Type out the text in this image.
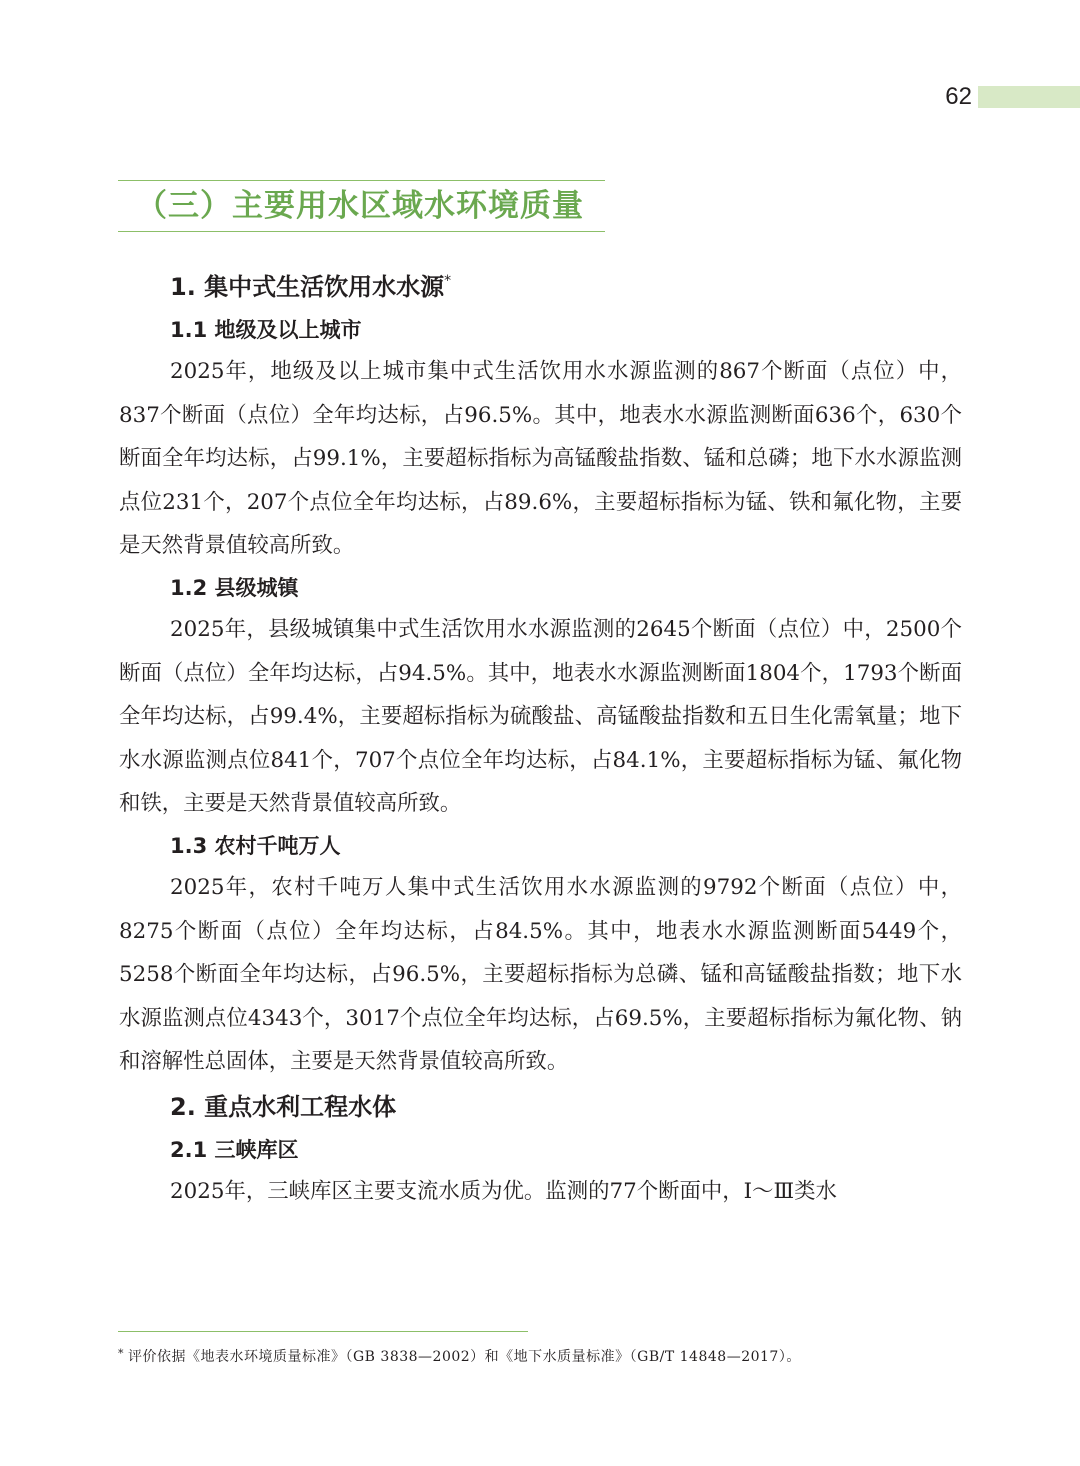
62
（三）主要用水区域水环境质量
1. 集中式生活饮用水水源*
1.1 地级及以上城市

2025年，地级及以上城市集中式生活饮用水水源监测的867个断面（点位）中，837个断面（点位）全年均达标，占96.5%。其中，地表水水源监测断面636个，630个断面全年均达标，占99.1%，主要超标指标为高锰酸盐指数、锰和总磷；地下水水源监测点位231个，207个点位全年均达标，占89.6%，主要超标指标为锰、铁和氟化物，主要是天然背景值较高所致。

1.2 县级城镇

2025年，县级城镇集中式生活饮用水水源监测的2645个断面（点位）中，2500个断面（点位）全年均达标，占94.5%。其中，地表水水源监测断面1804个，1793个断面全年均达标，占99.4%，主要超标指标为硫酸盐、高锰酸盐指数和五日生化需氧量；地下水水源监测点位841个，707个点位全年均达标，占84.1%，主要超标指标为锰、氟化物和铁，主要是天然背景值较高所致。

1.3 农村千吨万人

2025年，农村千吨万人集中式生活饮用水水源监测的9792个断面（点位）中，8275个断面（点位）全年均达标，占84.5%。其中，地表水水源监测断面5449个，5258个断面全年均达标，占96.5%，主要超标指标为总磷、锰和高锰酸盐指数；地下水水源监测点位4343个，3017个点位全年均达标，占69.5%，主要超标指标为氟化物、钠和溶解性总固体，主要是天然背景值较高所致。

2. 重点水利工程水体
2.1 三峡库区

2025年，三峡库区主要支流水质为优。监测的77个断面中，Ⅰ～Ⅲ类水

* 评价依据《地表水环境质量标准》（GB 3838—2002）和《地下水质量标准》（GB/T 14848—2017）。
